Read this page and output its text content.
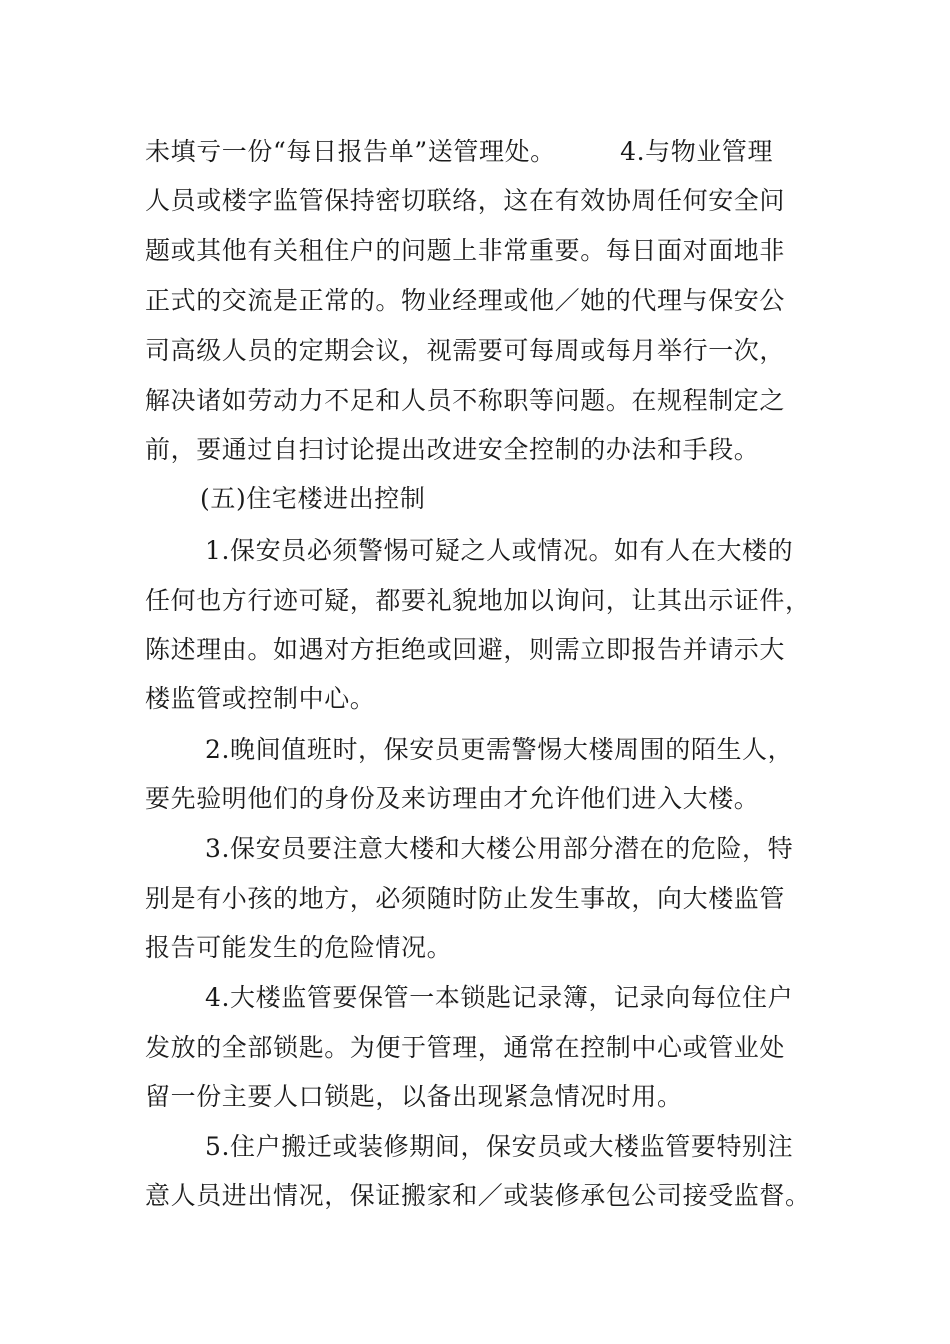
未填亏一份“每日报告单”送管理处。　　　4.与物业管理
人员或楼字监管保持密切联络，这在有效协周任何安全问
题或其他有关租住户的问题上非常重要。每日面对面地非
正式的交流是正常的。物业经理或他／她的代理与保安公
司高级人员的定期会议，视需要可每周或每月举行一次，
解决诸如劳动力不足和人员不称职等问题。在规程制定之
前，要通过自扫讨论提出改进安全控制的办法和手段。
(五)住宅楼进出控制
1.保安员必须警惕可疑之人或情况。如有人在大楼的
任何也方行迹可疑，都要礼貌地加以询问，让其出示证件，
陈述理由。如遇对方拒绝或回避，则需立即报告并请示大
楼监管或控制中心。
2.晚间值班时，保安员更需警惕大楼周围的陌生人，
要先验明他们的身份及来访理由才允许他们进入大楼。
3.保安员要注意大楼和大楼公用部分潜在的危险，特
别是有小孩的地方，必须随时防止发生事故，向大楼监管
报告可能发生的危险情况。
4.大楼监管要保管一本锁匙记录簿，记录向每位住户
发放的全部锁匙。为便于管理，通常在控制中心或管业处
留一份主要人口锁匙，以备出现紧急情况时用。
5.住户搬迁或装修期间，保安员或大楼监管要特别注
意人员进出情况，保证搬家和／或装修承包公司接受监督。
